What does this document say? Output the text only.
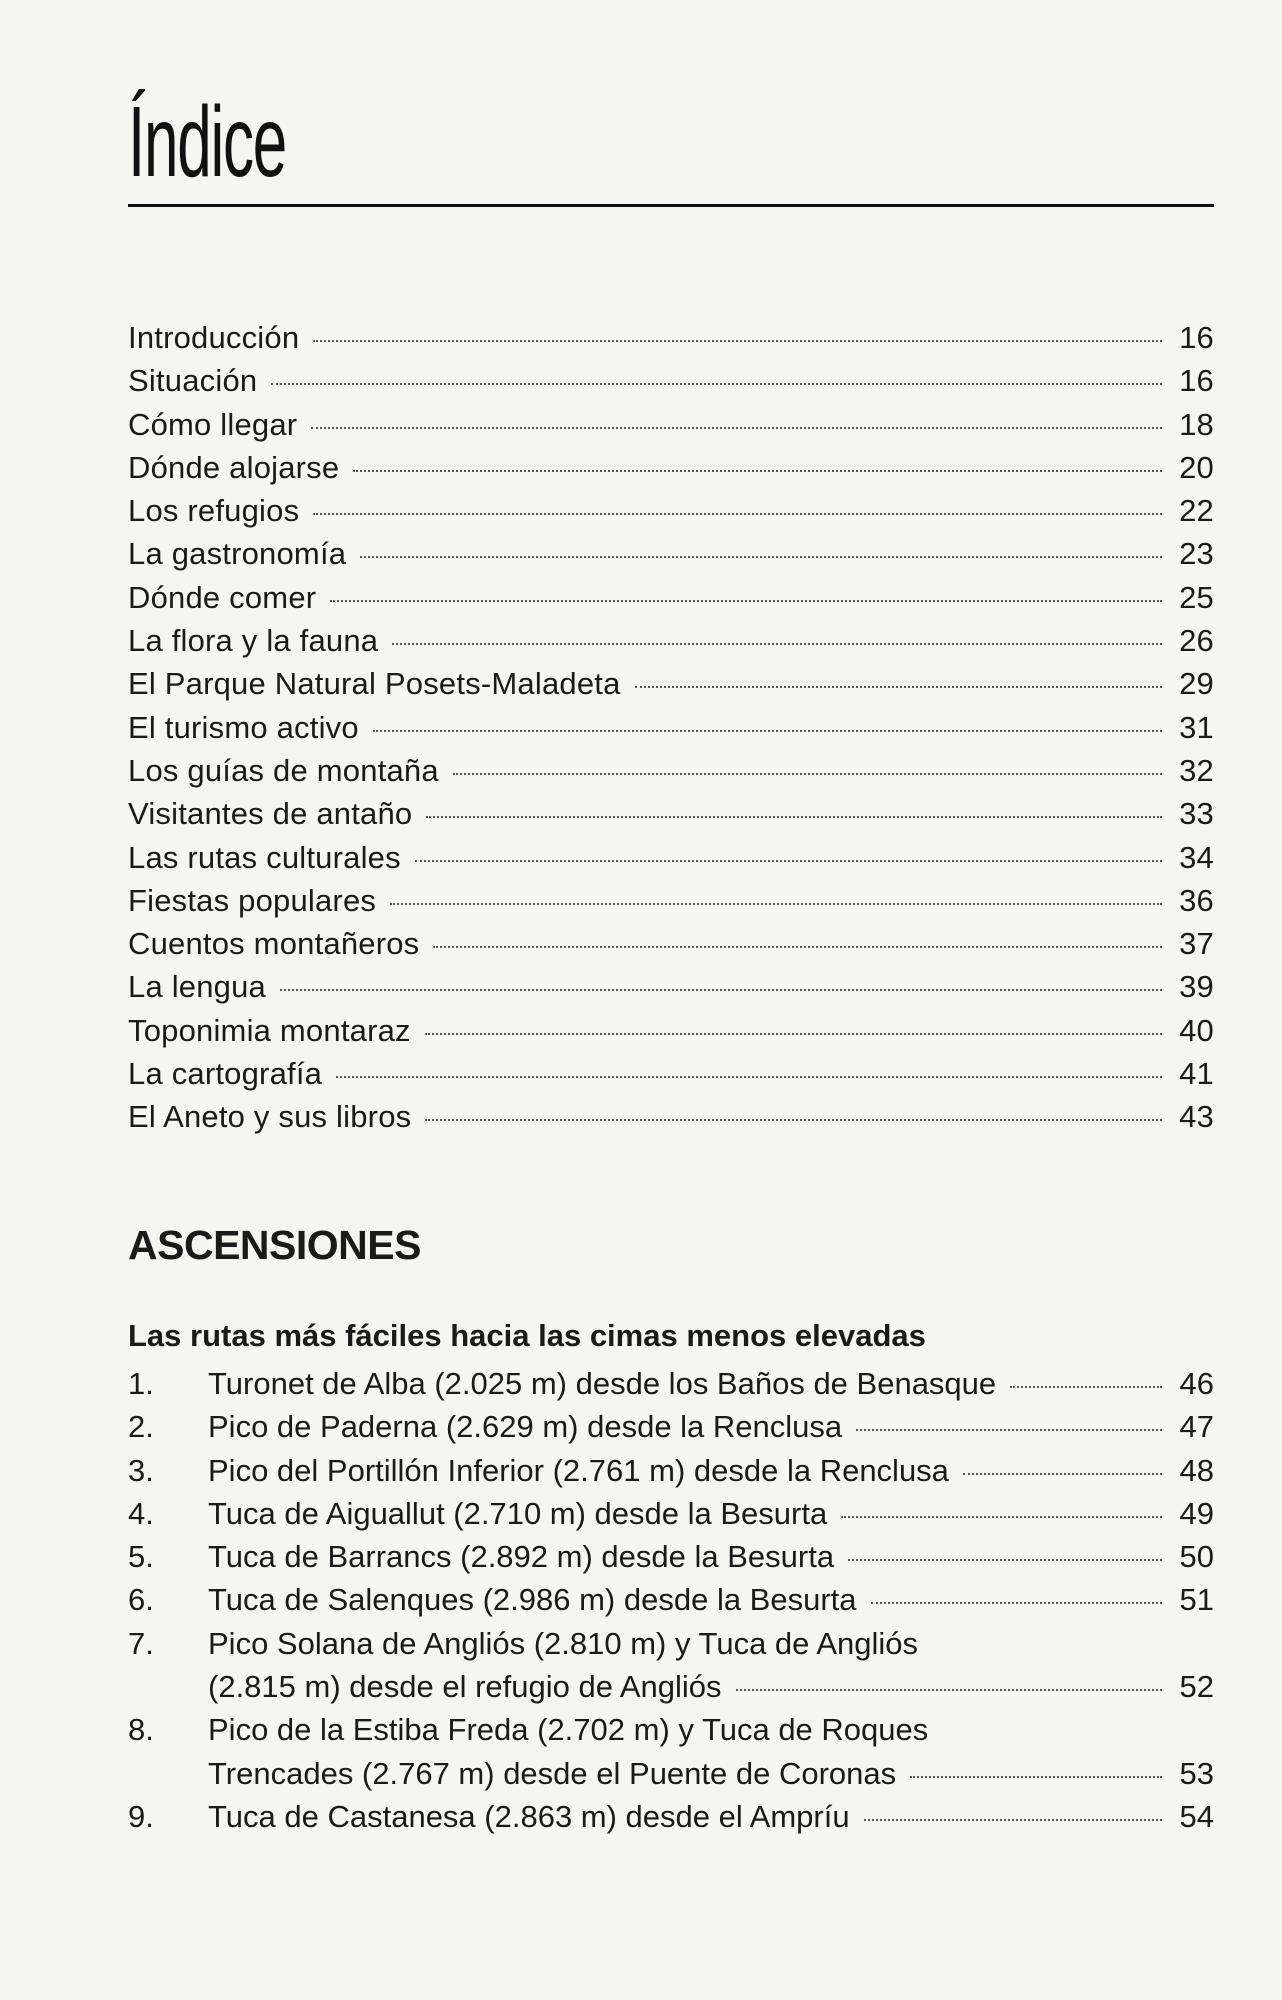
Índice
Introducción	16
Situación	16
Cómo llegar	18
Dónde alojarse	20
Los refugios	22
La gastronomía	23
Dónde comer	25
La flora y la fauna	26
El Parque Natural Posets-Maladeta	29
El turismo activo	31
Los guías de montaña	32
Visitantes de antaño	33
Las rutas culturales	34
Fiestas populares	36
Cuentos montañeros	37
La lengua	39
Toponimia montaraz	40
La cartografía	41
El Aneto y sus libros	43
ASCENSIONES
Las rutas más fáciles hacia las cimas menos elevadas
1.	Turonet de Alba (2.025 m) desde los Baños de Benasque	46
2.	Pico de Paderna (2.629 m) desde la Renclusa	47
3.	Pico del Portillón Inferior (2.761 m) desde la Renclusa	48
4.	Tuca de Aiguallut (2.710 m) desde la Besurta	49
5.	Tuca de Barrancs (2.892 m) desde la Besurta	50
6.	Tuca de Salenques (2.986 m) desde la Besurta	51
7.	Pico Solana de Angliós (2.810 m) y Tuca de Angliós
(2.815 m) desde el refugio de Angliós	52
8.	Pico de la Estiba Freda (2.702 m) y Tuca de Roques
Trencades (2.767 m) desde el Puente de Coronas	53
9.	Tuca de Castanesa (2.863 m) desde el Ampríu	54
